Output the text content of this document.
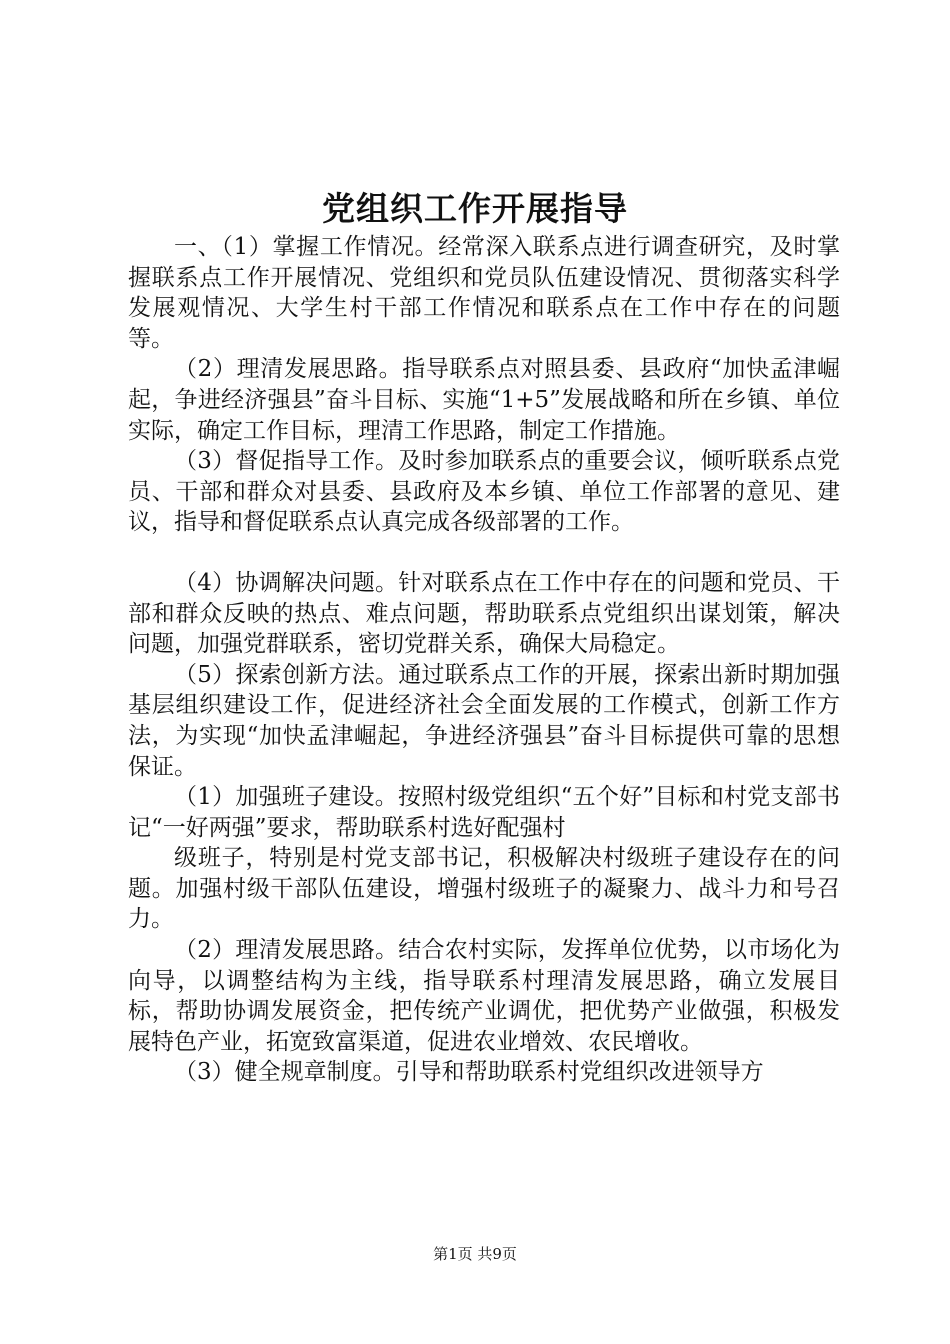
党组织工作开展指导

一、（1）掌握工作情况。经常深入联系点进行调查研究，及时掌握联系点工作开展情况、党组织和党员队伍建设情况、贯彻落实科学发展观情况、大学生村干部工作情况和联系点在工作中存在的问题等。

（2）理清发展思路。指导联系点对照县委、县政府“加快孟津崛起，争进经济强县”奋斗目标、实施“1+5”发展战略和所在乡镇、单位实际，确定工作目标，理清工作思路，制定工作措施。

（3）督促指导工作。及时参加联系点的重要会议，倾听联系点党员、干部和群众对县委、县政府及本乡镇、单位工作部署的意见、建议，指导和督促联系点认真完成各级部署的工作。

（4）协调解决问题。针对联系点在工作中存在的问题和党员、干部和群众反映的热点、难点问题，帮助联系点党组织出谋划策，解决问题，加强党群联系，密切党群关系，确保大局稳定。

（5）探索创新方法。通过联系点工作的开展，探索出新时期加强基层组织建设工作，促进经济社会全面发展的工作模式，创新工作方法，为实现“加快孟津崛起，争进经济强县”奋斗目标提供可靠的思想保证。

（1）加强班子建设。按照村级党组织“五个好”目标和村党支部书记“一好两强”要求，帮助联系村选好配强村

级班子，特别是村党支部书记，积极解决村级班子建设存在的问题。加强村级干部队伍建设，增强村级班子的凝聚力、战斗力和号召力。

（2）理清发展思路。结合农村实际，发挥单位优势，以市场化为向导，以调整结构为主线，指导联系村理清发展思路，确立发展目标，帮助协调发展资金，把传统产业调优，把优势产业做强，积极发展特色产业，拓宽致富渠道，促进农业增效、农民增收。

（3）健全规章制度。引导和帮助联系村党组织改进领导方

第1页 共9页
